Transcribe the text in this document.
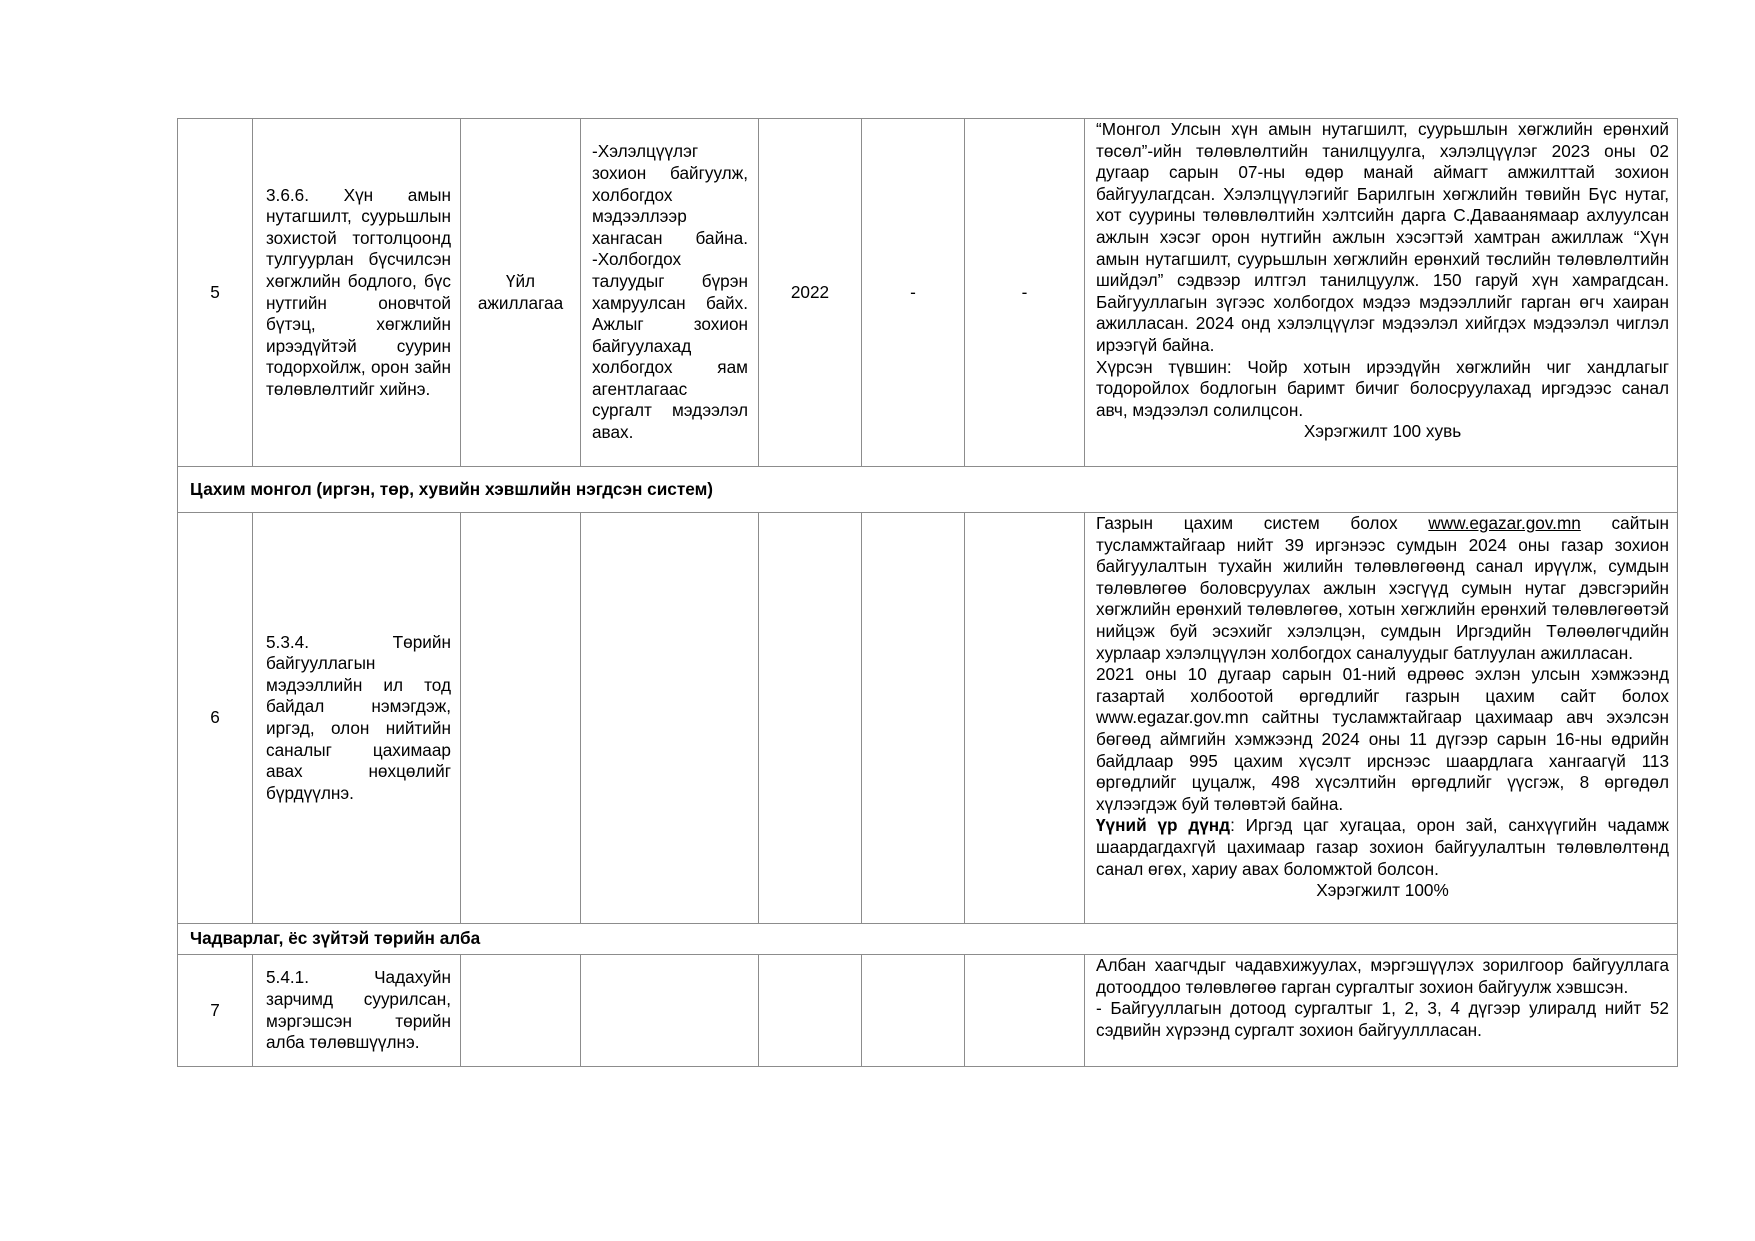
5	3.6.6. Хүн амын нутагшилт, суурьшлын зохистой тогтолцоонд тулгуурлан бүсчилсэн хөгжлийн бодлого, бүс нутгийн оновчтой бүтэц, хөгжлийн ирээдүйтэй суурин тодорхойлж, орон зайн төлөвлөлтийг хийнэ.	Үйл ажиллагаа	-Хэлэлцүүлэг зохион байгуулж, холбогдох мэдээллээр хангасан байна. -Холбогдох талуудыг бүрэн хамруулсан байх. Ажлыг зохион байгуулахад холбогдох яам агентлагаас сургалт мэдээлэл авах.	2022	-	-	“Монгол Улсын хүн амын нутагшилт, суурьшлын хөгжлийн ерөнхий төсөл”-ийн төлөвлөлтийн танилцуулга, хэлэлцүүлэг 2023 оны 02 дугаар сарын 07-ны өдөр манай аймагт амжилттай зохион байгуулагдсан. Хэлэлцүүлэгийг Барилгын хөгжлийн төвийн Бүс нутаг, хот суурины төлөвлөлтийн хэлтсийн дарга С.Даваанямаар ахлуулсан ажлын хэсэг орон нутгийн ажлын хэсэгтэй хамтран ажиллаж “Хүн амын нутагшилт, суурьшлын хөгжлийн ерөнхий төслийн төлөвлөлтийн шийдэл” сэдвээр илтгэл танилцуулж. 150 гаруй хүн хамрагдсан. Байгууллагын зүгээс холбогдох мэдээ мэдээллийг гарган өгч хаиран ажилласан. 2024 онд хэлэлцүүлэг мэдээлэл хийгдэх мэдээлэл чиглэл ирээгүй байна.

Хүрсэн түвшин: Чойр хотын ирээдүйн хөгжлийн чиг хандлагыг тодоройлох бодлогын баримт бичиг болосруулахад иргэдээс санал авч, мэдээлэл солилцсон.

Хэрэгжилт 100 хувь

Цахим монгол (иргэн, төр, хувийн хэвшлийн нэгдсэн систем)							
6	5.3.4. Төрийн байгууллагын мэдээллийн ил тод байдал нэмэгдэж, иргэд, олон нийтийн саналыг цахимаар авах нөхцөлийг бүрдүүлнэ.						Газрын цахим систем болох www.egazar.gov.mn сайтын тусламжтайгаар нийт 39 иргэнээс сумдын 2024 оны газар зохион байгуулалтын тухайн жилийн төлөвлөгөөнд санал ирүүлж, сумдын төлөвлөгөө боловсруулах ажлын хэсгүүд сумын нутаг дэвсгэрийн хөгжлийн ерөнхий төлөвлөгөө, хотын хөгжлийн ерөнхий төлөвлөгөөтэй нийцэж буй эсэхийг хэлэлцэн, сумдын Иргэдийн Төлөөлөгчдийн хурлаар хэлэлцүүлэн холбогдох саналуудыг батлуулан ажилласан.

2021 оны 10 дугаар сарын 01-ний өдрөөс эхлэн улсын хэмжээнд газартай холбоотой өргөдлийг газрын цахим сайт болох www.egazar.gov.mn сайтны тусламжтайгаар цахимаар авч эхэлсэн бөгөөд аймгийн хэмжээнд 2024 оны 11 дүгээр сарын 16-ны өдрийн байдлаар 995 цахим хүсэлт ирснээс шаардлага хангаагүй 113 өргөдлийг цуцалж, 498 хүсэлтийн өргөдлийг үүсгэж, 8 өргөдөл хүлээгдэж буй төлөвтэй байна.

Үүний үр дүнд: Иргэд цаг хугацаа, орон зай, санхүүгийн чадамж шаардагдахгүй цахимаар газар зохион байгуулалтын төлөвлөлтөнд санал өгөх, хариу авах боломжтой болсон.

Хэрэгжилт 100%

Чадварлаг, ёс зүйтэй төрийн алба							
7	5.4.1. Чадахуйн зарчимд суурилсан, мэргэшсэн төрийн алба төлөвшүүлнэ.						Албан хаагчдыг чадавхижуулах, мэргэшүүлэх зорилгоор байгууллага дотооддоо төлөвлөгөө гарган сургалтыг зохион байгуулж хэвшсэн.

- Байгууллагын дотоод сургалтыг 1, 2, 3, 4 дүгээр улиралд нийт 52 сэдвийн хүрээнд сургалт зохион байгууллласан.
